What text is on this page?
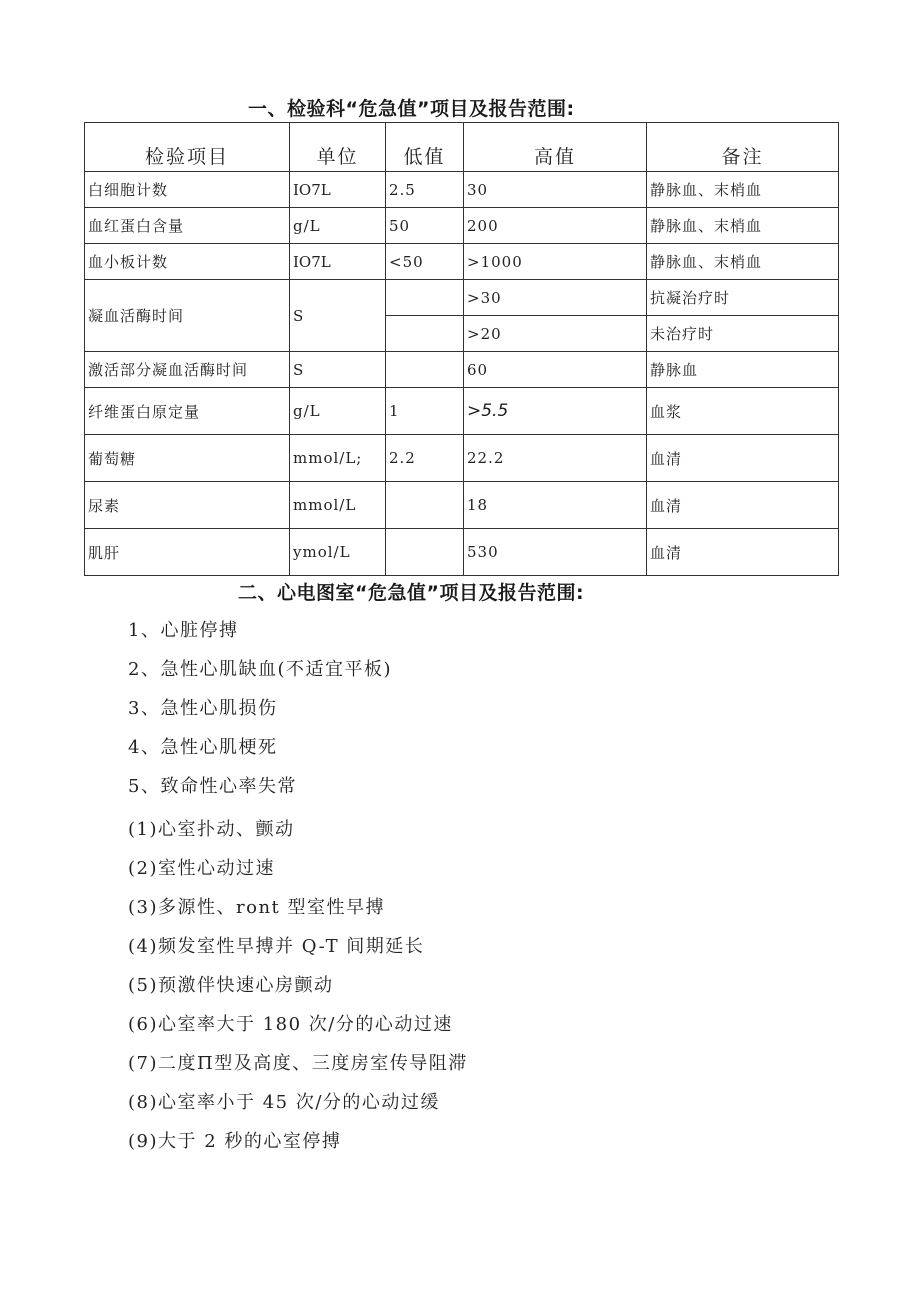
一、检验科“危急值”项目及报告范围:
检验项目	单位	低值	高值	备注
白细胞计数	IO7L	2.5	30	静脉血、末梢血
血红蛋白含量	g/L	50	200	静脉血、末梢血
血小板计数	IO7L	<50	>1000	静脉血、末梢血
凝血活酶时间	S		>30	抗凝治疗时
			>20	未治疗时
激活部分凝血活酶时间	S		60	静脉血
纤维蛋白原定量	g/L	1	>5.5	血浆
葡萄糖	mmol/L;	2.2	22.2	血清
尿素	mmol/L		18	血清
肌肝	ymol/L		530	血清
二、心电图室“危急值”项目及报告范围:
1、心脏停搏
2、急性心肌缺血(不适宜平板)
3、急性心肌损伤
4、急性心肌梗死
5、致命性心率失常
(1)心室扑动、颤动
(2)室性心动过速
(3)多源性、ront 型室性早搏
(4)频发室性早搏并 Q-T 间期延长
(5)预激伴快速心房颤动
(6)心室率大于 180 次/分的心动过速
(7)二度Π型及高度、三度房室传导阻滞
(8)心室率小于 45 次/分的心动过缓
(9)大于 2 秒的心室停搏
